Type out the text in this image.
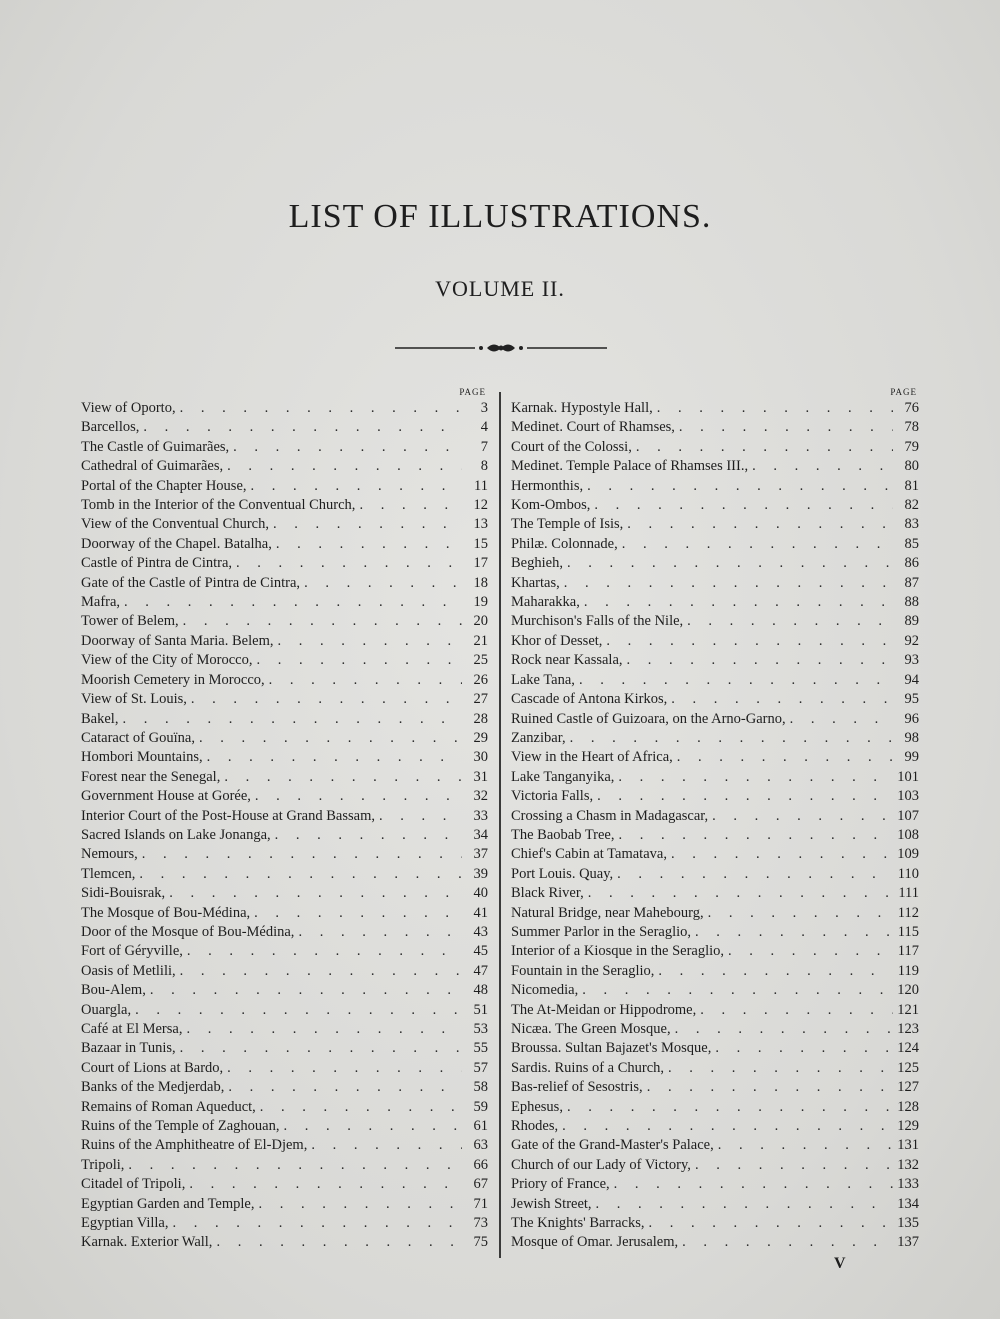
LIST OF ILLUSTRATIONS.
VOLUME II.
PAGE
View of Oporto, . . .	3
Barcellos, . . .	4
The Castle of Guimarães, . . .	7
Cathedral of Guimarães, . . .	8
Portal of the Chapter House, . . .	11
Tomb in the Interior of the Conventual Church, . . .	12
View of the Conventual Church, . . .	13
Doorway of the Chapel. Batalha, . . .	15
Castle of Pintra de Cintra, . . .	17
Gate of the Castle of Pintra de Cintra, . . .	18
Mafra, . . .	19
Tower of Belem, . . .	20
Doorway of Santa Maria. Belem, . . .	21
View of the City of Morocco, . . .	25
Moorish Cemetery in Morocco, . . .	26
View of St. Louis, . . .	27
Bakel, . . .	28
Cataract of Gouïna, . . .	29
Hombori Mountains, . . .	30
Forest near the Senegal, . . .	31
Government House at Gorée, . . .	32
Interior Court of the Post-House at Grand Bassam, . . .	33
Sacred Islands on Lake Jonanga, . . .	34
Nemours, . . .	37
Tlemcen, . . .	39
Sidi-Bouisrak, . . .	40
The Mosque of Bou-Médina, . . .	41
Door of the Mosque of Bou-Médina, . . .	43
Fort of Géryville, . . .	45
Oasis of Metlili, . . .	47
Bou-Alem, . . .	48
Ouargla, . . .	51
Café at El Mersa, . . .	53
Bazaar in Tunis, . . .	55
Court of Lions at Bardo, . . .	57
Banks of the Medjerdab, . . .	58
Remains of Roman Aqueduct, . . .	59
Ruins of the Temple of Zaghouan, . . .	61
Ruins of the Amphitheatre of El-Djem, . . .	63
Tripoli, . . .	66
Citadel of Tripoli, . . .	67
Egyptian Garden and Temple, . . .	71
Egyptian Villa, . . .	73
Karnak. Exterior Wall, . . .	75
PAGE
Karnak. Hypostyle Hall, . . .	76
Medinet. Court of Rhamses, . . .	78
Court of the Colossi, . . .	79
Medinet. Temple Palace of Rhamses III., . . .	80
Hermonthis, . . .	81
Kom-Ombos, . . .	82
The Temple of Isis, . . .	83
Philæ. Colonnade, . . .	85
Beghieh, . . .	86
Khartas, . . .	87
Maharakka, . . .	88
Murchison's Falls of the Nile, . . .	89
Khor of Desset, . . .	92
Rock near Kassala, . . .	93
Lake Tana, . . .	94
Cascade of Antona Kirkos, . . .	95
Ruined Castle of Guizoara, on the Arno-Garno, . . .	96
Zanzibar, . . .	98
View in the Heart of Africa, . . .	99
Lake Tanganyika, . . .	101
Victoria Falls, . . .	103
Crossing a Chasm in Madagascar, . . .	107
The Baobab Tree, . . .	108
Chief's Cabin at Tamatava, . . .	109
Port Louis. Quay, . . .	110
Black River, . . .	111
Natural Bridge, near Mahebourg, . . .	112
Summer Parlor in the Seraglio, . . .	115
Interior of a Kiosque in the Seraglio, . . .	117
Fountain in the Seraglio, . . .	119
Nicomedia, . . .	120
The At-Meidan or Hippodrome, . . .	121
Nicæa. The Green Mosque, . . .	123
Broussa. Sultan Bajazet's Mosque, . . .	124
Sardis. Ruins of a Church, . . .	125
Bas-relief of Sesostris, . . .	127
Ephesus, . . .	128
Rhodes, . . .	129
Gate of the Grand-Master's Palace, . . .	131
Church of our Lady of Victory, . . .	132
Priory of France, . . .	133
Jewish Street, . . .	134
The Knights' Barracks, . . .	135
Mosque of Omar. Jerusalem, . . .	137
V
